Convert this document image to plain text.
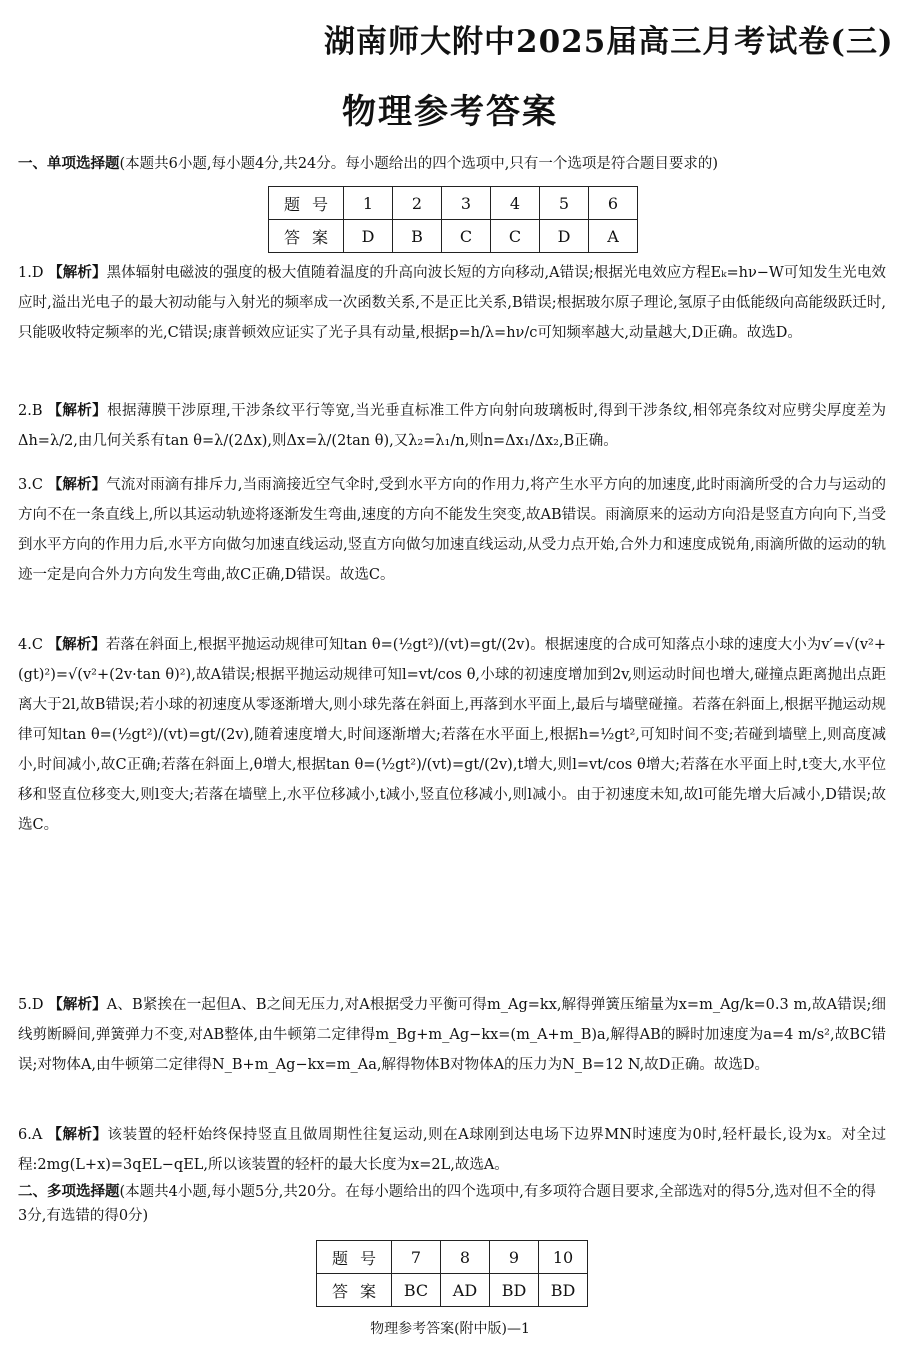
湖南师大附中2025届高三月考试卷(三)
物理参考答案
一、单项选择题(本题共6小题,每小题4分,共24分。每小题给出的四个选项中,只有一个选项是符合题目要求的)
题号	1	2	3	4	5	6
答案	D	B	C	C	D	A
1.D 【解析】黑体辐射电磁波的强度的极大值随着温度的升高向波长短的方向移动,A错误;根据光电效应方程Eₖ=hν−W可知发生光电效应时,溢出光电子的最大初动能与入射光的频率成一次函数关系,不是正比关系,B错误;根据玻尔原子理论,氢原子由低能级向高能级跃迁时,只能吸收特定频率的光,C错误;康普顿效应证实了光子具有动量,根据p=h/λ=hν/c可知频率越大,动量越大,D正确。故选D。
2.B 【解析】根据薄膜干涉原理,干涉条纹平行等宽,当光垂直标准工件方向射向玻璃板时,得到干涉条纹,相邻亮条纹对应劈尖厚度差为Δh=λ/2,由几何关系有tan θ=λ/(2Δx),则Δx=λ/(2tan θ),又λ₂=λ₁/n,则n=Δx₁/Δx₂,B正确。
3.C 【解析】气流对雨滴有排斥力,当雨滴接近空气伞时,受到水平方向的作用力,将产生水平方向的加速度,此时雨滴所受的合力与运动的方向不在一条直线上,所以其运动轨迹将逐渐发生弯曲,速度的方向不能发生突变,故AB错误。雨滴原来的运动方向沿是竖直方向向下,当受到水平方向的作用力后,水平方向做匀加速直线运动,竖直方向做匀加速直线运动,从受力点开始,合外力和速度成锐角,雨滴所做的运动的轨迹一定是向合外力方向发生弯曲,故C正确,D错误。故选C。
4.C 【解析】若落在斜面上,根据平抛运动规律可知tan θ=(½gt²)/(vt)=gt/(2v)。根据速度的合成可知落点小球的速度大小为v′=√(v²+(gt)²)=√(v²+(2v·tan θ)²),故A错误;根据平抛运动规律可知l=vt/cos θ,小球的初速度增加到2v,则运动时间也增大,碰撞点距离抛出点距离大于2l,故B错误;若小球的初速度从零逐渐增大,则小球先落在斜面上,再落到水平面上,最后与墙壁碰撞。若落在斜面上,根据平抛运动规律可知tan θ=(½gt²)/(vt)=gt/(2v),随着速度增大,时间逐渐增大;若落在水平面上,根据h=½gt²,可知时间不变;若碰到墙壁上,则高度减小,时间减小,故C正确;若落在斜面上,θ增大,根据tan θ=(½gt²)/(vt)=gt/(2v),t增大,则l=vt/cos θ增大;若落在水平面上时,t变大,水平位移和竖直位移变大,则l变大;若落在墙壁上,水平位移减小,t减小,竖直位移减小,则l减小。由于初速度未知,故l可能先增大后减小,D错误;故选C。
5.D 【解析】A、B紧挨在一起但A、B之间无压力,对A根据受力平衡可得m_Ag=kx,解得弹簧压缩量为x=m_Ag/k=0.3 m,故A错误;细线剪断瞬间,弹簧弹力不变,对AB整体,由牛顿第二定律得m_Bg+m_Ag−kx=(m_A+m_B)a,解得AB的瞬时加速度为a=4 m/s²,故BC错误;对物体A,由牛顿第二定律得N_B+m_Ag−kx=m_Aa,解得物体B对物体A的压力为N_B=12 N,故D正确。故选D。
6.A 【解析】该装置的轻杆始终保持竖直且做周期性往复运动,则在A球刚到达电场下边界MN时速度为0时,轻杆最长,设为x。对全过程:2mg(L+x)=3qEL−qEL,所以该装置的轻杆的最大长度为x=2L,故选A。
二、多项选择题(本题共4小题,每小题5分,共20分。在每小题给出的四个选项中,有多项符合题目要求,全部选对的得5分,选对但不全的得3分,有选错的得0分)
题号	7	8	9	10
答案	BC	AD	BD	BD
物理参考答案(附中版)—1
